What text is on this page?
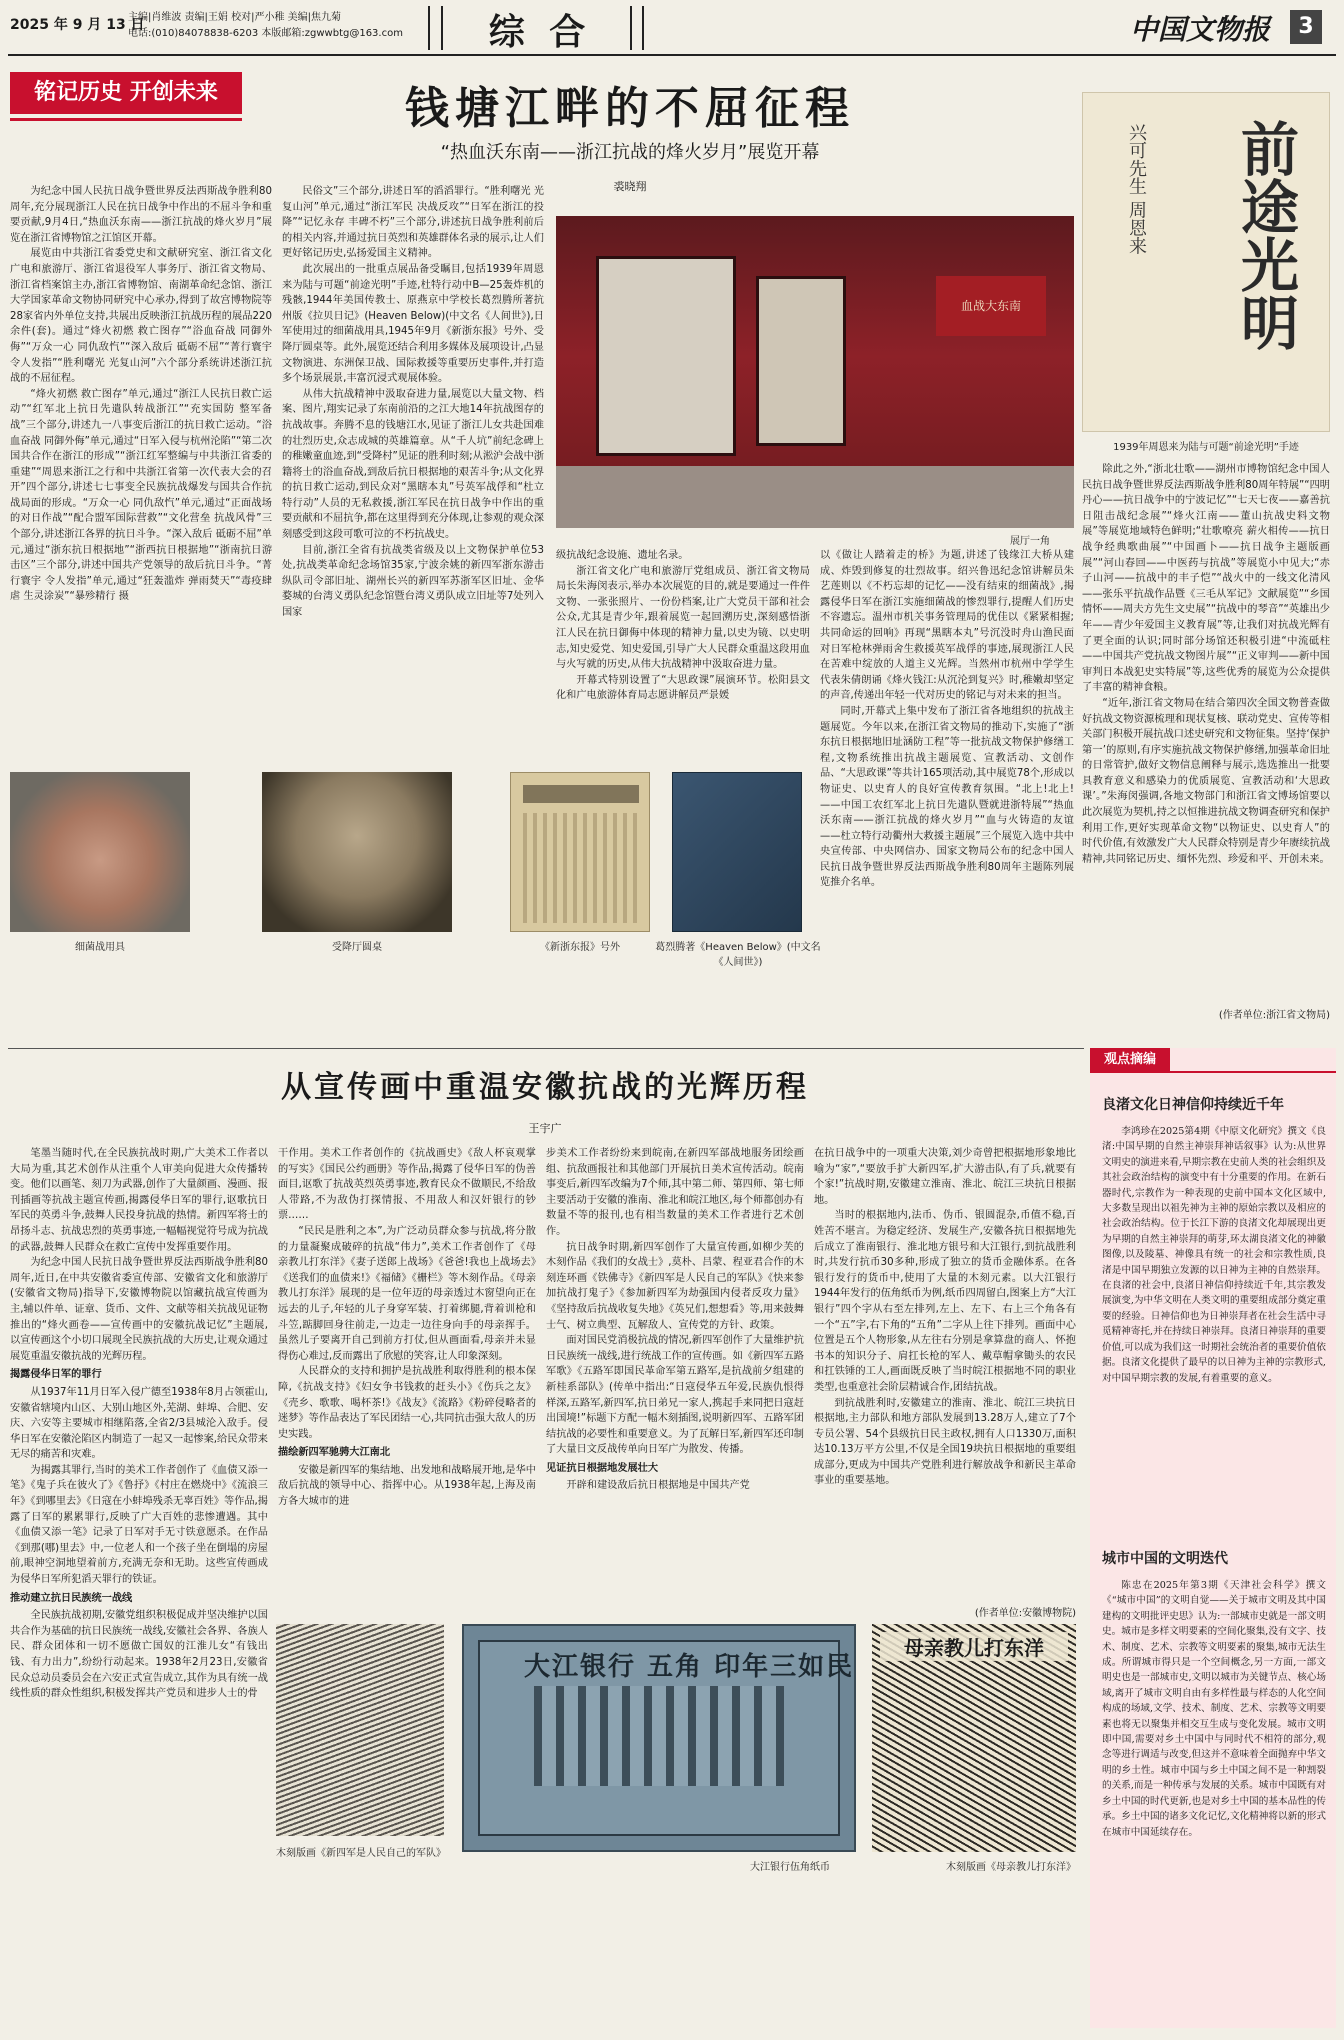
2025 年 9 月 13 日
主编|肖维波 责编|王娟 校对|严小稚 美编|焦九菊
电话:(010)84078838-6203 本版邮箱:zgwwbtg@163.com	综 合	中国文物报	3
铭记历史 开创未来	钱塘江畔的不屈征程
“热血沃东南——浙江抗战的烽火岁月”展览开幕
裘晓翔	前途光明
兴可先生 周恩来
1939年周恩来为陆与可题“前途光明”手迹
血战大东南
展厅一角

为纪念中国人民抗日战争暨世界反法西斯战争胜利80周年,充分展现浙江人民在抗日战争中作出的不屈斗争和重要贡献,9月4日,“热血沃东南——浙江抗战的烽火岁月”展览在浙江省博物馆之江馆区开幕。

展览由中共浙江省委党史和文献研究室、浙江省文化广电和旅游厅、浙江省退役军人事务厅、浙江省文物局、浙江省档案馆主办,浙江省博物馆、南湖革命纪念馆、浙江大学国家革命文物协同研究中心承办,得到了故宫博物院等28家省内外单位支持,共展出反映浙江抗战历程的展品220余件(套)。通过“烽火初燃 救亡图存”“浴血奋战 同御外侮”“万众一心 同仇敌忾”“深入敌后 砥砺不屈”“菁行寰宇 令人发指”“胜利曙光 光复山河”六个部分系统讲述浙江抗战的不屈征程。

“烽火初燃 救亡图存”单元,通过“浙江人民抗日救亡运动”“红军北上抗日先遣队转战浙江”“充实国防 整军备战”三个部分,讲述九一八事变后浙江的抗日救亡运动。“浴血奋战 同御外侮”单元,通过“日军入侵与杭州沦陷”“第二次国共合作在浙江的形成”“浙江红军整编与中共浙江省委的重建”“周恩来浙江之行和中共浙江省第一次代表大会的召开”四个部分,讲述七七事变全民族抗战爆发与国共合作抗战局面的形成。“万众一心 同仇敌忾”单元,通过“正面战场的对日作战”“配合盟军国际营救”“文化营垒 抗战风骨”三个部分,讲述浙江各界的抗日斗争。“深入敌后 砥砺不屈”单元,通过“浙东抗日根据地”“浙西抗日根据地”“浙南抗日游击区”三个部分,讲述中国共产党领导的敌后抗日斗争。“菁行寰宇 令人发指”单元,通过“狂轰滥炸 弹雨焚天”“毒疫肆虐 生灵涂炭”“暴殄精行 摄

民俗文”三个部分,讲述日军的滔滔罪行。“胜利曙光 光复山河”单元,通过“浙江军民 决战反攻”“日军在浙江的投降”“记忆永存 丰碑不朽”三个部分,讲述抗日战争胜利前后的相关内容,并通过抗日英烈和英雄群体名录的展示,让人们更好铭记历史,弘扬爱国主义精神。

此次展出的一批重点展品备受瞩目,包括1939年周恩来为陆与可题“前途光明”手迹,杜特行动中B—25轰炸机的残骸,1944年美国传教士、原燕京中学校长葛烈腾所著抗州版《拉贝日记》(Heaven Below)(中文名《人间世》),日军使用过的细菌战用具,1945年9月《新浙东报》号外、受降厅圆桌等。此外,展览还结合利用多媒体及展项设计,凸显文物演进、东洲保卫战、国际救援等重要历史事件,并打造多个场景展景,丰富沉浸式观展体验。

从伟大抗战精神中汲取奋进力量,展览以大量文物、档案、图片,翔实记录了东南前沿的之江大地14年抗战图存的抗战故事。奔腾不息的钱塘江水,见证了浙江儿女共赴国难的壮烈历史,众志成城的英雄篇章。从“千人坑”前纪念碑上的稚嫩童血迹,到“受降村”见证的胜利时刻;从淞沪会战中浙籍将士的浴血奋战,到敌后抗日根据地的艰苦斗争;从文化界的抗日救亡运动,到民众对“黑瞎本丸”号英军战俘和“杜立特行动”人员的无私救援,浙江军民在抗日战争中作出的重要贡献和不屈抗争,都在这里得到充分体现,让参观的观众深刻感受到这段可歌可泣的不朽抗战史。

目前,浙江全省有抗战类省级及以上文物保护单位53处,抗战类革命纪念场馆35家,宁波余姚的新四军浙东游击纵队司令部旧址、湖州长兴的新四军苏浙军区旧址、金华婺城的台湾义勇队纪念馆暨台湾义勇队成立旧址等7处列入国家

级抗战纪念设施、遗址名录。

浙江省文化广电和旅游厅党组成员、浙江省文物局局长朱海闵表示,举办本次展览的目的,就是要通过一件件文物、一张张照片、一份份档案,让广大党员干部和社会公众,尤其是青少年,跟着展览一起回溯历史,深刻感悟浙江人民在抗日御侮中体现的精神力量,以史为镜、以史明志,知史爱党、知史爱国,引导广大人民群众重温这段用血与火写就的历史,从伟大抗战精神中汲取奋进力量。

开幕式特别设置了“大思政课”展演环节。松阳县文化和广电旅游体育局志愿讲解员严景媛

以《做让人踏着走的桥》为题,讲述了钱缘江大桥从建成、炸毁到修复的壮烈故事。绍兴鲁迅纪念馆讲解员朱艺莲则以《不朽忘却的记忆——没有结束的细菌战》,揭露侵华日军在浙江实施细菌战的惨烈罪行,提醒人们历史不容遗忘。温州市机关事务管理局的优佳以《紧紧相握;共同命运的回响》再现“黑瞎本丸”号沉没时舟山渔民面对日军枪林弹雨舍生救援英军战俘的事迹,展现浙江人民在苦难中绽放的人道主义光辉。当然州市杭州中学学生代表朱倩朗诵《烽火钱江:从沉沦到复兴》时,稚嫩却坚定的声音,传递出年轻一代对历史的铭记与对未来的担当。

同时,开幕式上集中发布了浙江省各地组织的抗战主题展览。今年以来,在浙江省文物局的推动下,实施了“浙东抗日根据地旧址涵防工程”等一批抗战文物保护修缮工程,文物系统推出抗战主题展览、宣教活动、文创作品、“大思政课”等共计165项活动,其中展览78个,形成以物证史、以史育人的良好宣传教育氛围。“北上!北上!——中国工农红军北上抗日先遣队暨就进浙特展”“热血沃东南——浙江抗战的烽火岁月”“血与火铸造的友谊——杜立特行动衢州大救援主题展”三个展览入选中共中央宣传部、中央网信办、国家文物局公布的纪念中国人民抗日战争暨世界反法西斯战争胜利80周年主题陈列展览推介名单。

除此之外,“浙北壮歌——湖州市博物馆纪念中国人民抗日战争暨世界反法西斯战争胜利80周年特展”“四明丹心——抗日战争中的宁波记忆”“七天七夜——嘉善抗日阻击战纪念展”“烽火江南——董山抗战史料文物展”等展览地域特色鲜明;“壮歌嘹亮 薪火相传——抗日战争经典歌曲展”“中国画卜——抗日战争主题版画展”“河山春回——中医药与抗战”等展览小中见大;“赤子山河——抗战中的丰子恺”“战火中的一线文化清风——张乐平抗战作品暨《三毛从军记》文献展览”“乡国情怀——周夫方先生文史展”“抗战中的琴音”“英雄出少年——青少年爱国主义教育展”等,让我们对抗战光辉有了更全面的认识;同时部分场馆还积极引进“中流砥柱——中国共产党抗战文物图片展”“正义审判——新中国审判日本战犯史实特展”等,这些优秀的展览为公众提供了丰富的精神食粮。

“近年,浙江省文物局在结合第四次全国文物普查做好抗战文物资源梳理和现状复核、联动党史、宣传等相关部门积极开展抗战口述史研究和文物征集。坚持‘保护第一’的原则,有序实施抗战文物保护修缮,加强革命旧址的日常管护,做好文物信息阐释与展示,选选推出一批要具教育意义和感染力的优质展览、宣教活动和‘大思政课’。”朱海闵强调,各地文物部门和浙江省文博场馆要以此次展览为契机,持之以恒推进抗战文物调查研究和保护利用工作,更好实现革命文物“以物证史、以史育人”的时代价值,有效激发广大人民群众特别是青少年赓续抗战精神,共同铭记历史、缅怀先烈、珍爱和平、开创未来。

(作者单位:浙江省文物局)
细菌战用具	受降厅圆桌	《新浙东报》号外	葛烈腾著《Heaven Below》(中文名《人间世》)
观点摘编
良渚文化日神信仰持续近千年

李鸿珍在2025第4期《中原文化研究》撰文《良渚:中国早期的自然主神崇拜神话叙事》认为:从世界文明史的演进来看,早期宗教在史前人类的社会组织及其社会政治结构的演变中有十分重要的作用。在新石器时代,宗教作为一种表现的史前中国本文化区域中,大多数呈现出以祖先神为主神的原始宗教以及相应的社会政治结构。位于长江下游的良渚文化却展现出更为早期的自然主神崇拜的萌芽,环太湖良渚文化的神徽图像,以及陵墓、神像具有统一的社会和宗教性质,良渚是中国早期独立发源的以日神为主神的自然崇拜。在良渚的社会中,良渚日神信仰持续近千年,其宗教发展演变,为中华文明在人类文明的重要组成部分奠定重要的经验。日神信仰也为日神崇拜者在社会生活中寻觅精神寄托,并在持续日神崇拜。良渚日神崇拜的重要价值,可以成为我们这一时期社会统治者的重要价值依据。良渚文化提供了最早的以日神为主神的宗教形式,对中国早期宗教的发展,有着重要的意义。

城市中国的文明迭代

陈忠在2025年第3期《天津社会科学》撰文《“城市中国”的文明自觉——关于城市文明及其中国建构的文明批评史思》认为:一部城市史就是一部文明史。城市是多样文明要素的空间化聚集,没有文字、技术、制度、艺术、宗教等文明要素的聚集,城市无法生成。所谓城市得只是一个空间概念,另一方面,一部文明史也是一部城市史,文明以城市为关键节点、核心场域,离开了城市文明自由有多样性最与样态的人化空间构成的场域,文学、技术、制度、艺术、宗教等文明要素也将无以聚集并相交互生成与变化发展。城市文明即中国,需要对乡土中国中与同时代不相符的部分,观念等进行调适与改变,但这并不意味着全面抛弃中华文明的乡土性。城市中国与乡土中国之间不是一种割裂的关系,而是一种传承与发展的关系。城市中国既有对乡土中国的时代更新,也是对乡土中国的基本品性的传承。乡土中国的诸多文化记忆,文化精神将以新的形式在城市中国延续存在。

从宣传画中重温安徽抗战的光辉历程
王宇广

笔墨当随时代,在全民族抗战时期,广大美术工作者以大局为重,其艺术创作从注重个人审美向促进大众传播转变。他们以画笔、刻刀为武器,创作了大量颜画、漫画、报刊插画等抗战主题宣传画,揭露侵华日军的罪行,讴歌抗日军民的英勇斗争,鼓舞人民投身抗战的热情。新四军将士的昂扬斗志、抗战忠烈的英勇事迹,一幅幅视觉符号成为抗战的武器,鼓舞人民群众在救亡宣传中发挥重要作用。

为纪念中国人民抗日战争暨世界反法西斯战争胜利80周年,近日,在中共安徽省委宣传部、安徽省文化和旅游厅(安徽省文物局)指导下,安徽博物院以馆藏抗战宣传画为主,辅以件单、证章、货币、文件、文献等相关抗战见证物推出的“烽火画卷——宣传画中的安徽抗战记忆”主题展,以宣传画这个小切口展现全民族抗战的大历史,让观众通过展览重温安徽抗战的光辉历程。

揭露侵华日军的罪行

从1937年11月日军入侵广德至1938年8月占领霍山,安徽省辖境内山区、大别山地区外,芜湖、蚌埠、合肥、安庆、六安等主要城市相继陷落,全省2/3县城沦入敌手。侵华日军在安徽沦陷区内制造了一起又一起惨案,给民众带来无尽的痛苦和灾难。

为揭露其罪行,当时的美术工作者创作了《血债又添一笔》《鬼子兵在彼火了》《鲁抒》《村庄在燃烧中》《流浪三年》《到哪里去》《日寇在小蚌埠残杀无辜百姓》等作品,揭露了日军的累累罪行,反映了广大百姓的悲惨遭遇。其中《血债又添一笔》记录了日军对手无寸铁意愿杀。在作品《到那(哪)里去》中,一位老人和一个孩子坐在倒塌的房屋前,眼神空洞地望着前方,充满无奈和无助。这些宣传画成为侵华日军所犯滔天罪行的铁证。

推动建立抗日民族统一战线

全民族抗战初期,安徽党组织积极促成并坚决维护以国共合作为基础的抗日民族统一战线,安徽社会各界、各族人民、群众团体和一切不愿做亡国奴的江淮儿女“有钱出钱、有力出力”,纷纷行动起来。1938年2月23日,安徽省民众总动员委员会在六安正式宣告成立,其作为具有统一战线性质的群众性组织,积极发挥共产党员和进步人士的骨

干作用。美术工作者创作的《抗战画史》《敌人杯哀观掌的写实》《国民公约画册》等作品,揭露了侵华日军的伪善面目,讴歌了抗战英烈英勇事迹,教育民众不做顺民,不给敌人带路,不为敌伪打探情报、不用敌人和汉奸银行的钞票……

“民民是胜利之本”,为广泛动员群众参与抗战,将分散的力量凝聚成破碎的抗战“伟力”,美术工作者创作了《母亲教儿打东洋》《妻子送郎上战场》《爸爸!我也上战场去》《送我们的血债来!》《福储》《栅栏》等木刻作品。《母亲教儿打东洋》展现的是一位年迈的母亲透过木窗望向正在远去的儿子,年轻的儿子身穿军装、打着绑腿,背着训枪和斗笠,踮脚回身往前走,一边走一边往身向手的母亲挥手。虽然儿子要离开自己到前方打仗,但从画面看,母亲并未显得伤心难过,反而露出了欣慰的笑容,让人印象深刻。

人民群众的支持和拥护是抗战胜利取得胜利的根本保障,《抗战支持》《妇女争书钱救的赶头小》《伤兵之友》《壳乡、歌歌、喝杯茶!》《战友》《流路》《粉碎侵略者的迷梦》等作品表达了军民团结一心,共同抗击强大敌人的历史实践。

描绘新四军驰骋大江南北

安徽是新四军的集结地、出发地和战略展开地,是华中敌后抗战的领导中心、指挥中心。从1938年起,上海及南方各大城市的进

步美术工作者纷纷来到皖南,在新四军部战地服务团绘画组、抗敌画报社和其他部门开展抗日美术宣传活动。皖南事变后,新四军改编为7个师,其中第二师、第四师、第七师主要活动于安徽的淮南、淮北和皖江地区,每个师都创办有数量不等的报刊,也有相当数量的美术工作者进行艺术创作。

抗日战争时期,新四军创作了大量宣传画,如柳少芙的木刻作品《我们的女战士》,莫朴、吕蒙、程亚君合作的木刻连环画《铁佛寺》《新四军是人民自己的军队》《快来参加抗战打鬼子》《参加新四军为劫强国内侵者反攻力量》《坚持敌后抗战收复失地》《英兄们,想想看》等,用来鼓舞士气、树立典型、瓦解敌人、宣传党的方针、政策。

面对国民党消极抗战的情况,新四军创作了大量维护抗日民族统一战线,进行统战工作的宣传画。如《新四军五路军歌》《五路军即国民革命军第五路军,是抗战前夕组建的新桂系部队》(传单中指出:“日寇侵华五年爱,民族仇恨得样深,五路军,新四军,抗日弟兄一家人,携起手来同把日寇赶出国境!”标题下方配一幅木刻插图,说明新四军、五路军团结抗战的必要性和重要意义。为了瓦解日军,新四军还印制了大量日文反战传单向日军广为散发、传播。

见证抗日根据地发展壮大

开辟和建设敌后抗日根据地是中国共产党

在抗日战争中的一项重大决策,刘少奇曾把根据地形象地比喻为“家”,“要放手扩大新四军,扩大游击队,有了兵,就要有个家!”抗战时期,安徽建立淮南、淮北、皖江三块抗日根据地。

当时的根据地内,法币、伪币、银圆混杂,币值不稳,百姓苦不堪言。为稳定经济、发展生产,安徽各抗日根据地先后成立了淮南银行、淮北地方银号和大江银行,到抗战胜利时,共发行抗币30多种,形成了独立的货币金融体系。在各银行发行的货币中,使用了大量的木刻元素。以大江银行1944年发行的伍角纸币为例,纸币四周留白,图案上方“大江银行”四个字从右至左排列,左上、左下、右上三个角各有一个“五”字,右下角的“五角”二字从上往下排列。画面中心位置是五个人物形象,从左往右分别是拿算盘的商人、怀抱书本的知识分子、肩扛长枪的军人、戴草帽拿锄头的农民和扛铁锤的工人,画面既反映了当时皖江根据地不同的职业类型,也重意社会阶层精诚合作,团结抗战。

到抗战胜利时,安徽建立的淮南、淮北、皖江三块抗日根据地,主力部队和地方部队发展到13.28万人,建立了7个专员公署、54个县级抗日民主政权,拥有人口1330万,面积达10.13万平方公里,不仅是全国19块抗日根据地的重要组成部分,更成为中国共产党胜利进行解放战争和新民主革命事业的重要基地。

(作者单位:安徽博物院)
木刻版画《新四军是人民自己的军队》
大江银行 五角 印年三如民
大江银行伍角纸币
母亲教儿打东洋
木刻版画《母亲教儿打东洋》
